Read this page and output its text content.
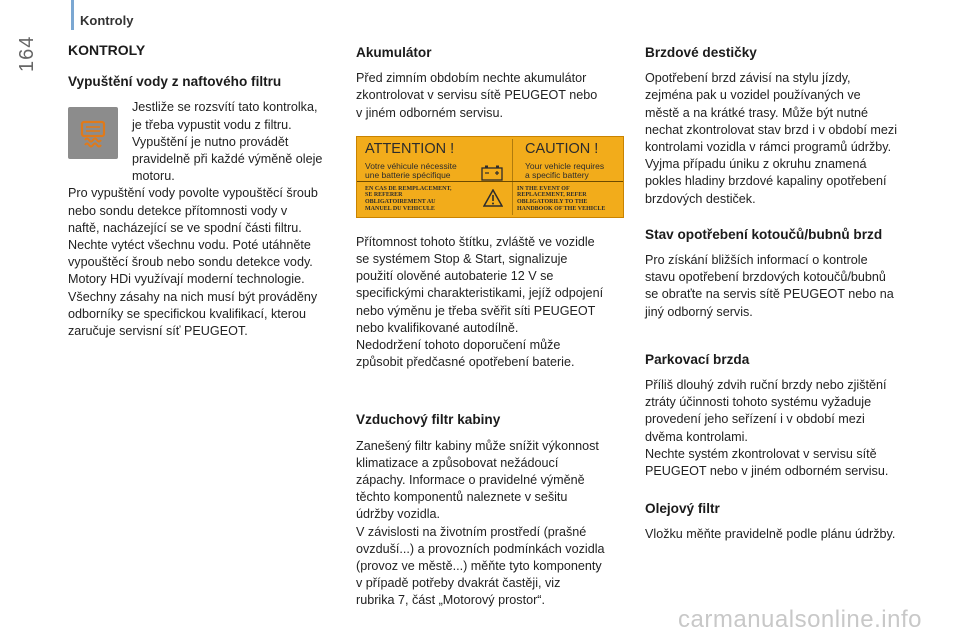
164
Kontroly
KONTROLY
Vypuštění vody z naftového filtru

Jestliže se rozsvítí tato kontrolka,

je třeba vypustit vodu z filtru.

Vypuštění je nutno provádět

pravidelně při každé výměně oleje

motoru.

Pro vypuštění vody povolte vypouštěcí šroub

nebo sondu detekce přítomnosti vody v

naftě, nacházející se ve spodní části filtru.

Nechte vytéct všechnu vodu. Poté utáhněte

vypouštěcí šroub nebo sondu detekce vody.

Motory HDi využívají moderní technologie.

Všechny zásahy na nich musí být prováděny

odborníky se specifickou kvalifikací, kterou

zaručuje servisní síť PEUGEOT.

Akumulátor

Před zimním obdobím nechte akumulátor

zkontrolovat v servisu sítě PEUGEOT nebo

v jiném odborném servisu.

ATTENTION !	CAUTION !
Votre véhicule nécessite
une batterie spécifique
Your vehicle requires
a specific battery
EN CAS DE REMPLACEMENT,
SE REFERER
OBLIGATOIREMENT AU
MANUEL DU VEHICULE
IN THE EVENT OF
REPLACEMENT, REFER
OBLIGATORILY TO THE
HANDBOOK OF THE VEHICLE

Přítomnost tohoto štítku, zvláště ve vozidle

se systémem Stop & Start, signalizuje

použití olověné autobaterie 12 V se

specifickými charakteristikami, jejíž odpojení

nebo výměnu je třeba svěřit síti PEUGEOT

nebo kvalifikované autodílně.

Nedodržení tohoto doporučení může

způsobit předčasné opotřebení baterie.

Vzduchový filtr kabiny

Zanešený filtr kabiny může snížit výkonnost

klimatizace a způsobovat nežádoucí

zápachy. Informace o pravidelné výměně

těchto komponentů naleznete v sešitu

údržby vozidla.

V závislosti na životním prostředí (prašné

ovzduší...) a provozních podmínkách vozidla

(provoz ve městě...) měňte tyto komponenty

v případě potřeby dvakrát častěji, viz

rubrika 7, část „Motorový prostor“.

Brzdové destičky

Opotřebení brzd závisí na stylu jízdy,

zejména pak u vozidel používaných ve

městě a na krátké trasy. Může být nutné

nechat zkontrolovat stav brzd i v období mezi

kontrolami vozidla v rámci programů údržby.

Vyjma případu úniku z okruhu znamená

pokles hladiny brzdové kapaliny opotřebení

brzdových destiček.

Stav opotřebení kotoučů/bubnů brzd

Pro získání bližších informací o kontrole

stavu opotřebení brzdových kotoučů/bubnů

se obraťte na servis sítě PEUGEOT nebo na

jiný odborný servis.

Parkovací brzda

Příliš dlouhý zdvih ruční brzdy nebo zjištění

ztráty účinnosti tohoto systému vyžaduje

provedení jeho seřízení i v období mezi

dvěma kontrolami.

Nechte systém zkontrolovat v servisu sítě

PEUGEOT nebo v jiném odborném servisu.

Olejový filtr

Vložku měňte pravidelně podle plánu údržby.

carmanualsonline.info
